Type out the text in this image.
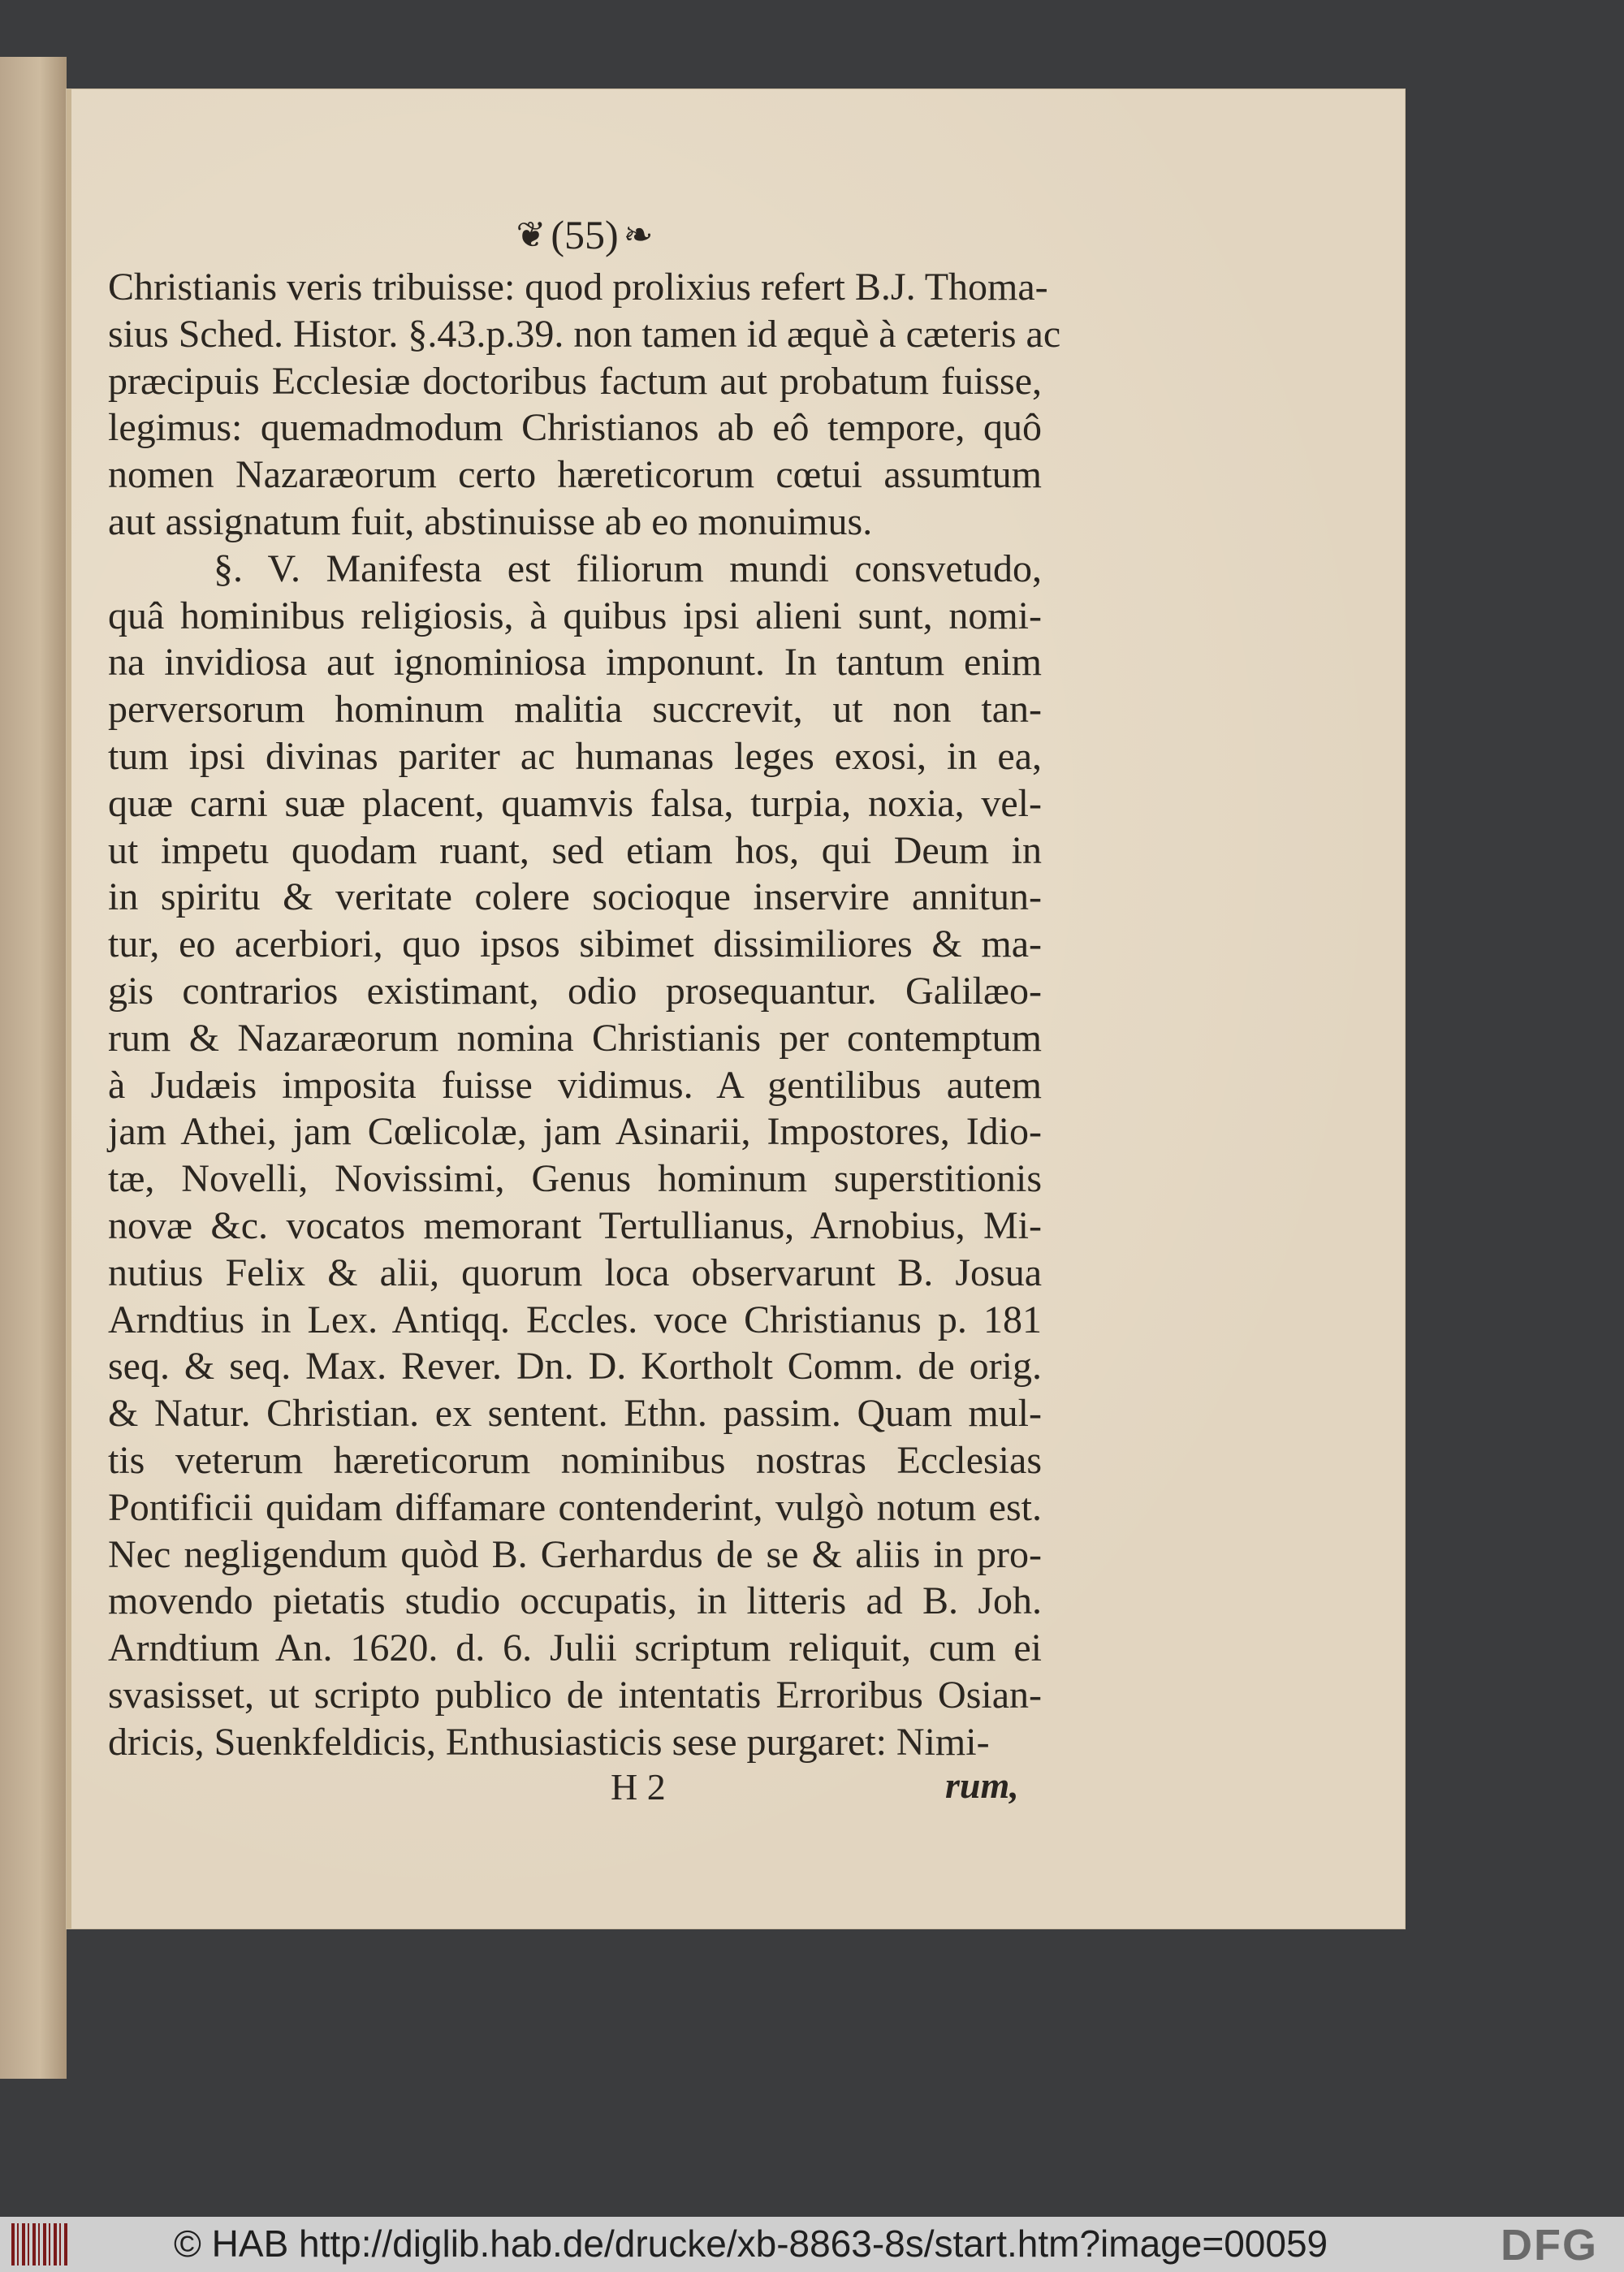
❦ (55) ❧
Christianis veris tribuisse: quod prolixius refert B.J. Thoma-
sius Sched. Histor. §.43.p.39. non tamen id æquè à cæteris ac
præcipuis Ecclesiæ doctoribus factum aut probatum fuisse,
legimus: quemadmodum Christianos ab eô tempore, quô
nomen Nazaræorum certo hæreticorum cœtui assumtum
aut assignatum fuit, abstinuisse ab eo monuimus.
§. V. Manifesta est filiorum mundi consvetudo,
quâ hominibus religiosis, à quibus ipsi alieni sunt, nomi-
na invidiosa aut ignominiosa imponunt. In tantum enim
perversorum hominum malitia succrevit, ut non tan-
tum ipsi divinas pariter ac humanas leges exosi, in ea,
quæ carni suæ placent, quamvis falsa, turpia, noxia, vel-
ut impetu quodam ruant, sed etiam hos, qui Deum in
in spiritu & veritate colere socioque inservire annitun-
tur, eo acerbiori, quo ipsos sibimet dissimiliores & ma-
gis contrarios existimant, odio prosequantur. Galilæo-
rum & Nazaræorum nomina Christianis per contemptum
à Judæis imposita fuisse vidimus. A gentilibus autem
jam Athei, jam Cœlicolæ, jam Asinarii, Impostores, Idio-
tæ, Novelli, Novissimi, Genus hominum superstitionis
novæ &c. vocatos memorant Tertullianus, Arnobius, Mi-
nutius Felix & alii, quorum loca observarunt B. Josua
Arndtius in Lex. Antiqq. Eccles. voce Christianus p. 181
seq. & seq. Max. Rever. Dn. D. Kortholt Comm. de orig.
& Natur. Christian. ex sentent. Ethn. passim. Quam mul-
tis veterum hæreticorum nominibus nostras Ecclesias
Pontificii quidam diffamare contenderint, vulgò notum est.
Nec negligendum quòd B. Gerhardus de se & aliis in pro-
movendo pietatis studio occupatis, in litteris ad B. Joh.
Arndtium An. 1620. d. 6. Julii scriptum reliquit, cum ei
svasisset, ut scripto publico de intentatis Erroribus Osian-
dricis, Suenkfeldicis, Enthusiasticis sese purgaret: Nimi-
H 2	rum,
© HAB http://diglib.hab.de/drucke/xb-8863-8s/start.htm?image=00059	DFG
